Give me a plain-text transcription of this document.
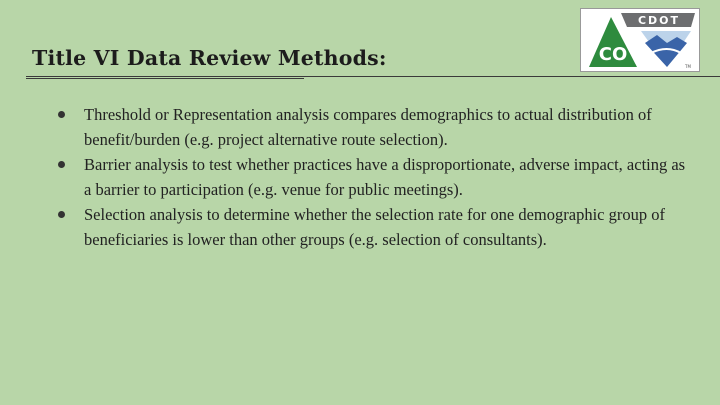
Title VI Data Review Methods:	CO
CDOT
TM
Threshold or Representation analysis compares demographics to actual distribution of benefit/burden (e.g. project alternative route selection).
Barrier analysis to test whether practices have a disproportionate, adverse impact, acting as a barrier to participation (e.g. venue for public meetings).
Selection analysis to determine whether the selection rate for one demographic group of beneficiaries is lower than other groups (e.g. selection of consultants).
